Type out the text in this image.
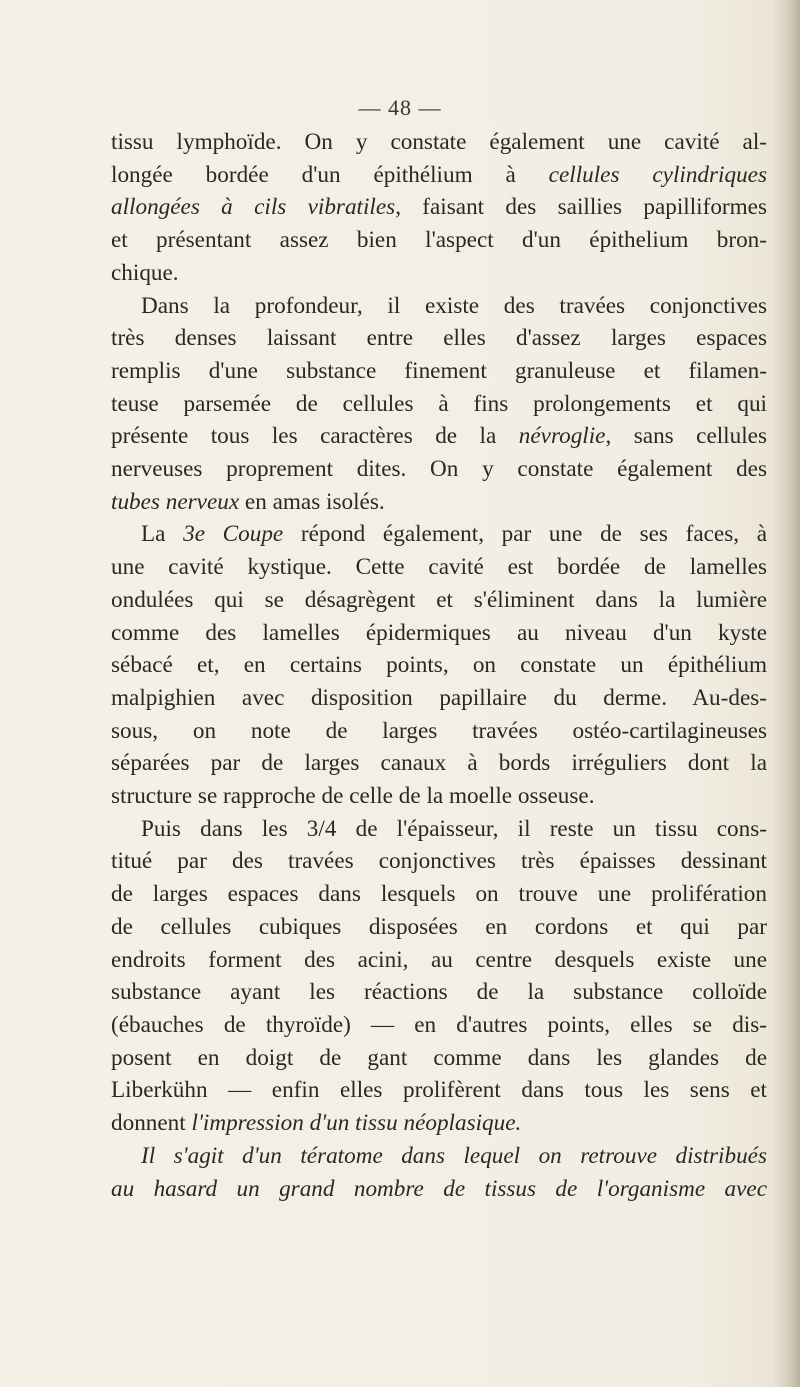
— 48 —

tissu lymphoïde. On y constate également une cavité al-

longée bordée d'un épithélium à cellules cylindriques

allongées à cils vibratiles, faisant des saillies papilliformes

et présentant assez bien l'aspect d'un épithelium bron-

chique.

Dans la profondeur, il existe des travées conjonctives

très denses laissant entre elles d'assez larges espaces

remplis d'une substance finement granuleuse et filamen-

teuse parsemée de cellules à fins prolongements et qui

présente tous les caractères de la névroglie, sans cellules

nerveuses proprement dites. On y constate également des

tubes nerveux en amas isolés.

La 3e Coupe répond également, par une de ses faces, à

une cavité kystique. Cette cavité est bordée de lamelles

ondulées qui se désagrègent et s'éliminent dans la lumière

comme des lamelles épidermiques au niveau d'un kyste

sébacé et, en certains points, on constate un épithélium

malpighien avec disposition papillaire du derme. Au-des-

sous, on note de larges travées ostéo-cartilagineuses

séparées par de larges canaux à bords irréguliers dont la

structure se rapproche de celle de la moelle osseuse.

Puis dans les 3/4 de l'épaisseur, il reste un tissu cons-

titué par des travées conjonctives très épaisses dessinant

de larges espaces dans lesquels on trouve une prolifération

de cellules cubiques disposées en cordons et qui par

endroits forment des acini, au centre desquels existe une

substance ayant les réactions de la substance colloïde

(ébauches de thyroïde) — en d'autres points, elles se dis-

posent en doigt de gant comme dans les glandes de

Liberkühn — enfin elles prolifèrent dans tous les sens et

donnent l'impression d'un tissu néoplasique.

Il s'agit d'un tératome dans lequel on retrouve distribués

au hasard un grand nombre de tissus de l'organisme avec
